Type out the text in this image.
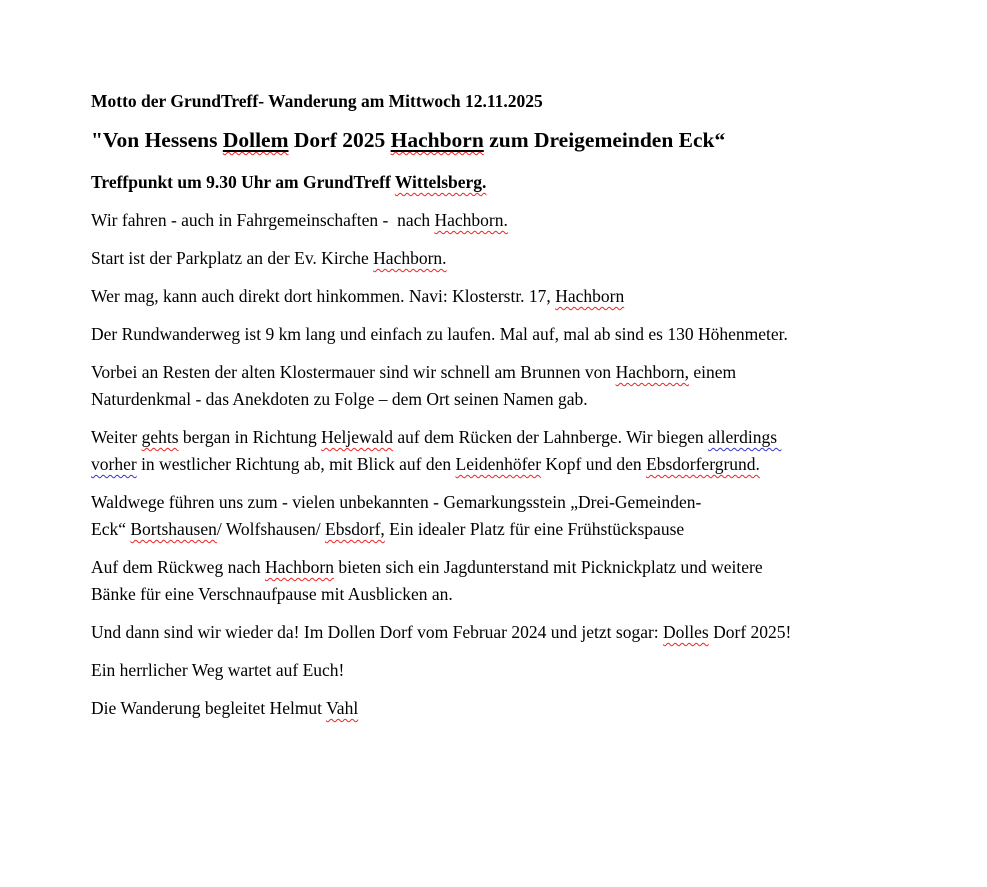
Motto der GrundTreff- Wanderung am Mittwoch 12.11.2025

"Von Hessens Dollem Dorf 2025 Hachborn zum Dreigemeinden Eck“

Treffpunkt um 9.30 Uhr am GrundTreff Wittelsberg.

Wir fahren - auch in Fahrgemeinschaften -  nach Hachborn.

Start ist der Parkplatz an der Ev. Kirche Hachborn.

Wer mag, kann auch direkt dort hinkommen. Navi: Klosterstr. 17, Hachborn

Der Rundwanderweg ist 9 km lang und einfach zu laufen. Mal auf, mal ab sind es 130 Höhenmeter.

Vorbei an Resten der alten Klostermauer sind wir schnell am Brunnen von Hachborn, einem
Naturdenkmal - das Anekdoten zu Folge – dem Ort seinen Namen gab.

Weiter gehts bergan in Richtung Heljewald auf dem Rücken der Lahnberge. Wir biegen allerdings
vorher in westlicher Richtung ab, mit Blick auf den Leidenhöfer Kopf und den Ebsdorfergrund.

Waldwege führen uns zum - vielen unbekannten - Gemarkungsstein „Drei-Gemeinden-
Eck“ Bortshausen/ Wolfshausen/ Ebsdorf, Ein idealer Platz für eine Frühstückspause

Auf dem Rückweg nach Hachborn bieten sich ein Jagdunterstand mit Picknickplatz und weitere
Bänke für eine Verschnaufpause mit Ausblicken an.

Und dann sind wir wieder da! Im Dollen Dorf vom Februar 2024 und jetzt sogar: Dolles Dorf 2025!

Ein herrlicher Weg wartet auf Euch!

Die Wanderung begleitet Helmut Vahl
